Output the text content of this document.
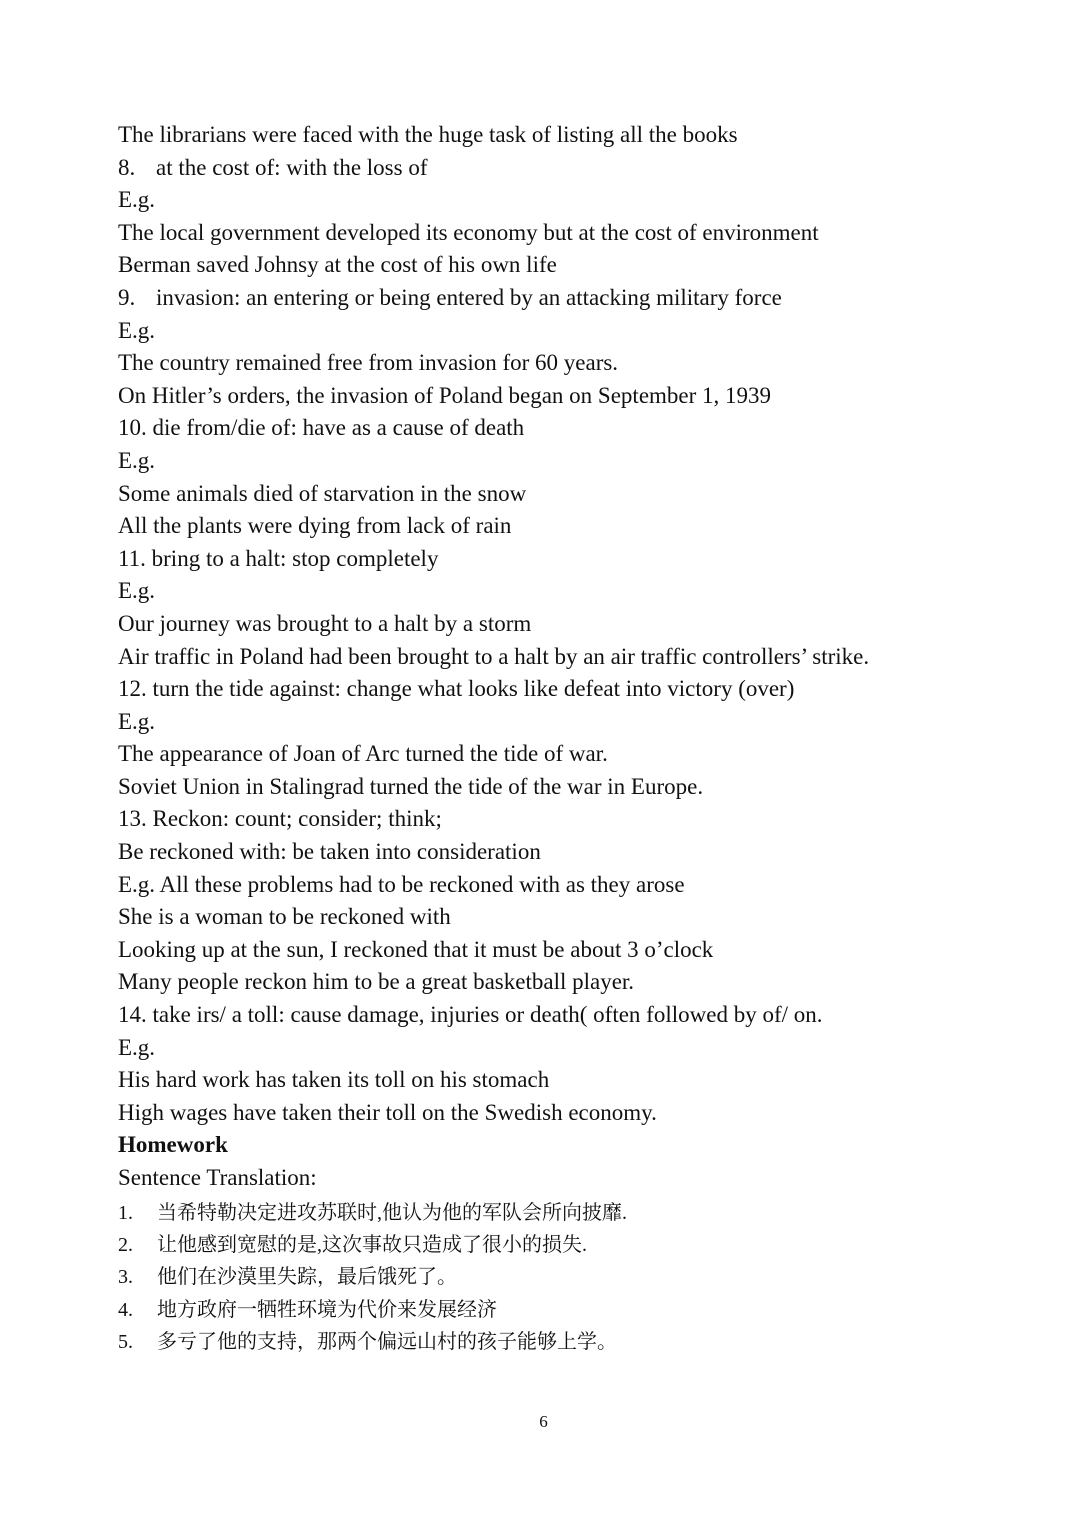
The librarians were faced with the huge task of listing all the books
8. at the cost of: with the loss of
E.g.
The local government developed its economy but at the cost of environment
Berman saved Johnsy at the cost of his own life
9. invasion: an entering or being entered by an attacking military force
E.g.
The country remained free from invasion for 60 years.
On Hitler’s orders, the invasion of Poland began on September 1, 1939
10. die from/die of: have as a cause of death
E.g.
Some animals died of starvation in the snow
All the plants were dying from lack of rain
11. bring to a halt: stop completely
E.g.
Our journey was brought to a halt by a storm
Air traffic in Poland had been brought to a halt by an air traffic controllers’ strike.
12. turn the tide against: change what looks like defeat into victory (over)
E.g.
The appearance of Joan of Arc turned the tide of war.
Soviet Union in Stalingrad turned the tide of the war in Europe.
13. Reckon: count; consider; think;
Be reckoned with: be taken into consideration
E.g. All these problems had to be reckoned with as they arose
She is a woman to be reckoned with
Looking up at the sun, I reckoned that it must be about 3 o’clock
Many people reckon him to be a great basketball player.
14. take irs/ a toll: cause damage, injuries or death( often followed by of/ on.
E.g.
His hard work has taken its toll on his stomach
High wages have taken their toll on the Swedish economy.
Homework
Sentence Translation:
1. 当希特勒决定进攻苏联时,他认为他的军队会所向披靡.
2. 让他感到宽慰的是,这次事故只造成了很小的损失.
3. 他们在沙漠里失踪，最后饿死了。
4. 地方政府一牺牲环境为代价来发展经济
5. 多亏了他的支持，那两个偏远山村的孩子能够上学。
6
